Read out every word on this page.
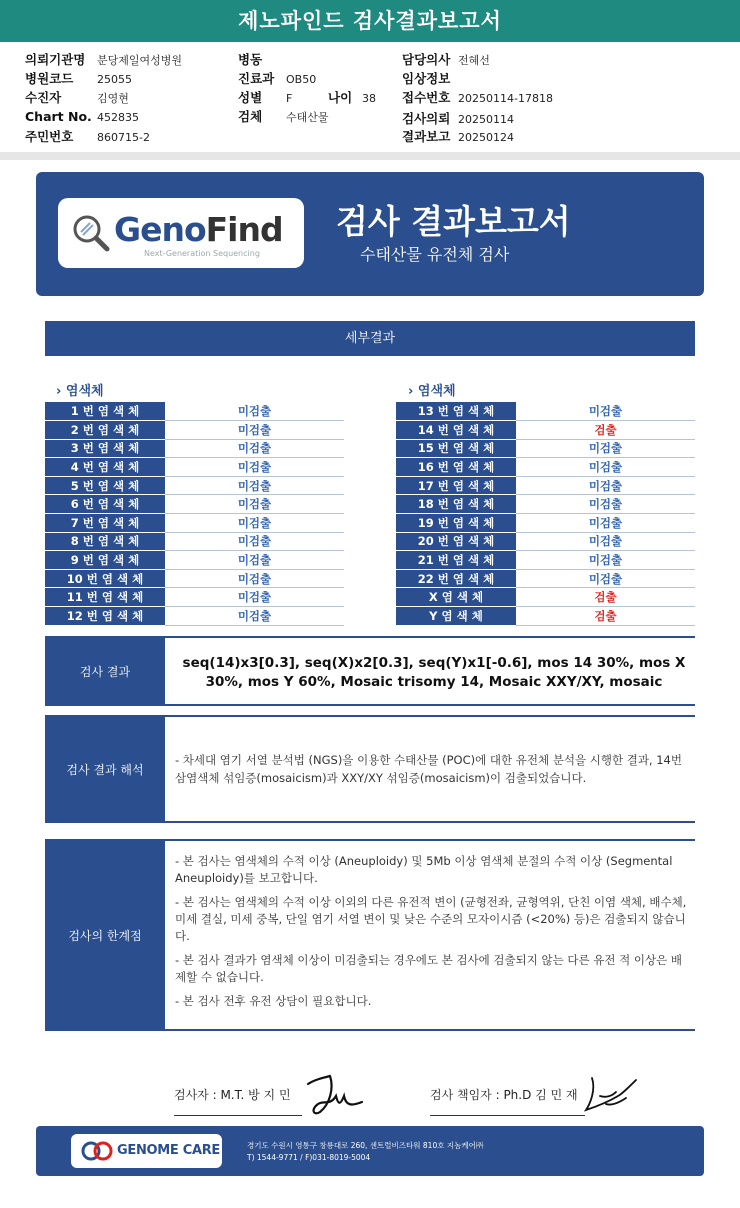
제노파인드 검사결과보고서
의뢰기관명 분당제일여성병원
병원코드 25055
수진자	김영현
Chart No. 452835
주민번호 860715-2
병동
진료과 OB50
성별 F	나이 38
검체 수태산물
담당의사 전혜선
임상정보
접수번호 20250114-17818
검사의뢰 20250114
결과보고 20250124
GenoFind
Next-Generation Sequencing
검사 결과보고서
수태산물 유전체 검사
세부결과
› 염색체	› 염색체
1 번 염 색 체	미검출
2 번 염 색 체	미검출
3 번 염 색 체	미검출
4 번 염 색 체	미검출
5 번 염 색 체	미검출
6 번 염 색 체	미검출
7 번 염 색 체	미검출
8 번 염 색 체	미검출
9 번 염 색 체	미검출
10 번 염 색 체	미검출
11 번 염 색 체	미검출
12 번 염 색 체	미검출
13 번 염 색 체	미검출
14 번 염 색 체	검출
15 번 염 색 체	미검출
16 번 염 색 체	미검출
17 번 염 색 체	미검출
18 번 염 색 체	미검출
19 번 염 색 체	미검출
20 번 염 색 체	미검출
21 번 염 색 체	미검출
22 번 염 색 체	미검출
X 염 색 체	검출
Y 염 색 체	검출
검사 결과
seq(14)x3[0.3], seq(X)x2[0.3], seq(Y)x1[-0.6], mos 14 30%, mos X 30%, mos Y 60%, Mosaic trisomy 14, Mosaic XXY/XY, mosaic
검사 결과 해석
- 차세대 염기 서열 분석법 (NGS)을 이용한 수태산물 (POC)에 대한 유전체 분석을 시행한 결과, 14번 삼염색체 섞임증(mosaicism)과 XXY/XY 섞임증(mosaicism)이 검출되었습니다.
검사의 한계점

- 본 검사는 염색체의 수적 이상 (Aneuploidy) 및 5Mb 이상 염색체 분절의 수적 이상 (Segmental Aneuploidy)를 보고합니다.

- 본 검사는 염색체의 수적 이상 이외의 다른 유전적 변이 (균형전좌, 균형역위, 단친 이염 색체, 배수체, 미세 결실, 미세 중복, 단일 염기 서열 변이 및 낮은 수준의 모자이시즘 (<20%) 등)은 검출되지 않습니다.

- 본 검사 결과가 염색체 이상이 미검출되는 경우에도 본 검사에 검출되지 않는 다른 유전 적 이상은 배제할 수 없습니다.

- 본 검사 전후 유전 상담이 필요합니다.

검사자 : M.T. 방 지 민	검사 책임자 : Ph.D 김 민 재
GENOME CARE	경기도 수원시 영통구 창룡대로 260, 센트럴비즈타워 810호 지놈케어㈜
T) 1544-9771 / F)031-8019-5004
